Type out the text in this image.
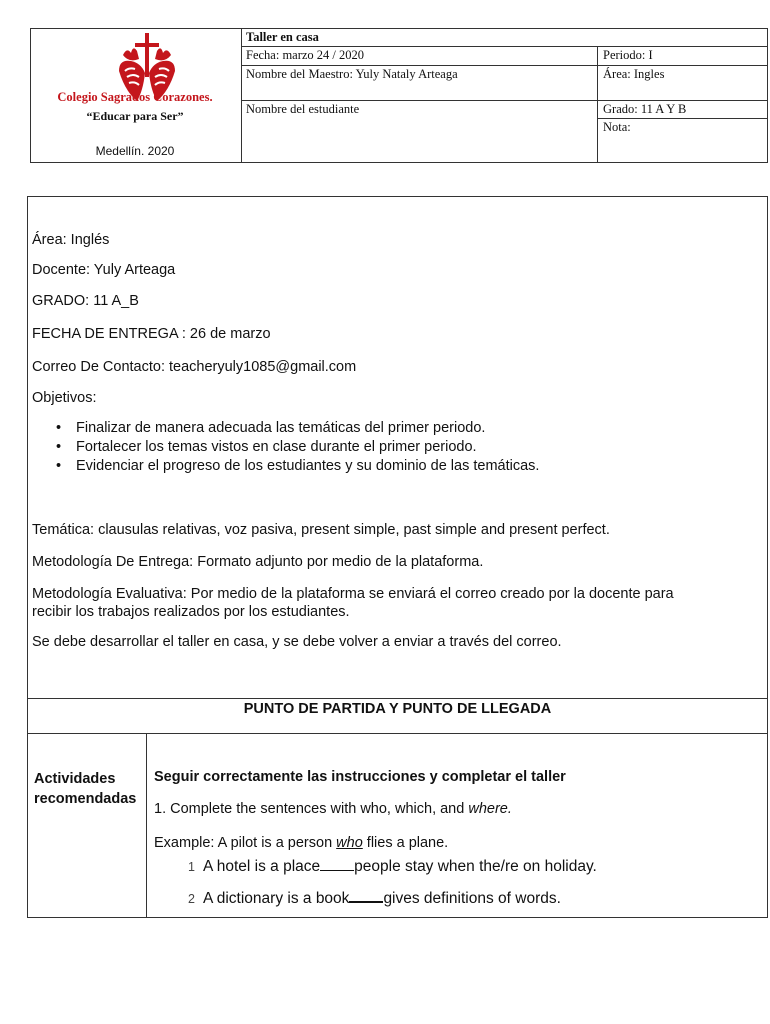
Colegio Sagrados Corazones.
“Educar para Ser”
Medellín. 2020
Taller en casa
Fecha: marzo 24 / 2020	Periodo: I
Nombre del Maestro: Yuly Nataly Arteaga	Área: Ingles
Nombre del estudiante	Grado: 11 A Y B
Nota:

Área: Inglés

Docente: Yuly Arteaga

GRADO: 11 A_B

FECHA DE ENTREGA : 26 de marzo

Correo De Contacto: teacheryuly1085@gmail.com

Objetivos:

• Finalizar de manera adecuada las temáticas del primer periodo.
• Fortalecer los temas vistos en clase durante el primer periodo.
• Evidenciar el progreso de los estudiantes y su dominio de las temáticas.

Temática: clausulas relativas, voz pasiva, present simple, past simple and present perfect.

Metodología De Entrega: Formato adjunto por medio de la plataforma.

Metodología Evaluativa: Por medio de la plataforma se enviará el correo creado por la docente para

recibir los trabajos realizados por los estudiantes.

Se debe desarrollar el taller en casa, y se debe volver a enviar a través del correo.

PUNTO DE PARTIDA Y PUNTO DE LLEGADA
Actividades
recomendadas
Seguir correctamente las instrucciones y completar el taller

1. Complete the sentences with who, which, and where.

Example: A pilot is a person who flies a plane.

1 A hotel is a place people stay when the/re on holiday.

2 A dictionary is a book gives definitions of words.
